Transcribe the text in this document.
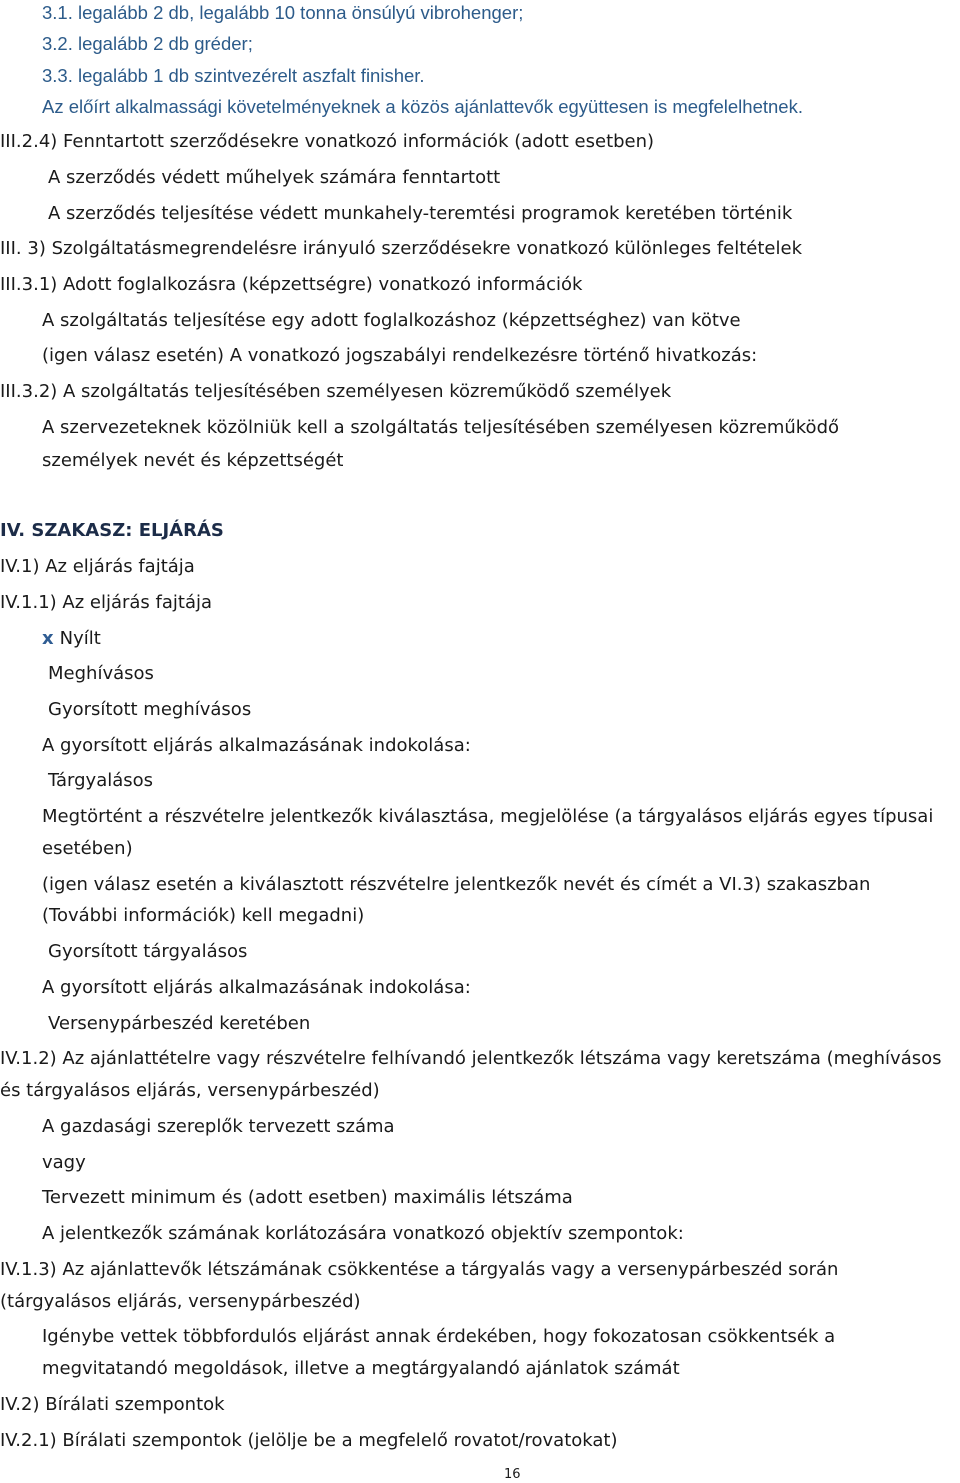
3.1. legalább 2 db, legalább 10 tonna önsúlyú vibrohenger;
3.2. legalább 2 db gréder;
3.3. legalább 1 db szintvezérelt aszfalt finisher.
Az előírt alkalmassági követelményeknek a közös ajánlattevők együttesen is megfelelhetnek.
III.2.4) Fenntartott szerződésekre vonatkozó információk (adott esetben)
A szerződés védett műhelyek számára fenntartott
A szerződés teljesítése védett munkahely-teremtési programok keretében történik
III. 3) Szolgáltatásmegrendelésre irányuló szerződésekre vonatkozó különleges feltételek
III.3.1) Adott foglalkozásra (képzettségre) vonatkozó információk
A szolgáltatás teljesítése egy adott foglalkozáshoz (képzettséghez) van kötve
(igen válasz esetén) A vonatkozó jogszabályi rendelkezésre történő hivatkozás:
III.3.2) A szolgáltatás teljesítésében személyesen közreműködő személyek
A szervezeteknek közölniük kell a szolgáltatás teljesítésében személyesen közreműködő
személyek nevét és képzettségét
IV. SZAKASZ: ELJÁRÁS
IV.1) Az eljárás fajtája
IV.1.1) Az eljárás fajtája
x Nyílt
Meghívásos
Gyorsított meghívásos
A gyorsított eljárás alkalmazásának indokolása:
Tárgyalásos
Megtörtént a részvételre jelentkezők kiválasztása, megjelölése (a tárgyalásos eljárás egyes típusai
esetében)
(igen válasz esetén a kiválasztott részvételre jelentkezők nevét és címét a VI.3) szakaszban
(További információk) kell megadni)
Gyorsított tárgyalásos
A gyorsított eljárás alkalmazásának indokolása:
Versenypárbeszéd keretében
IV.1.2) Az ajánlattételre vagy részvételre felhívandó jelentkezők létszáma vagy keretszáma (meghívásos
és tárgyalásos eljárás, versenypárbeszéd)
A gazdasági szereplők tervezett száma
vagy
Tervezett minimum és (adott esetben) maximális létszáma
A jelentkezők számának korlátozására vonatkozó objektív szempontok:
IV.1.3) Az ajánlattevők létszámának csökkentése a tárgyalás vagy a versenypárbeszéd során
(tárgyalásos eljárás, versenypárbeszéd)
Igénybe vettek többfordulós eljárást annak érdekében, hogy fokozatosan csökkentsék a
megvitatandó megoldások, illetve a megtárgyalandó ajánlatok számát
IV.2) Bírálati szempontok
IV.2.1) Bírálati szempontok (jelölje be a megfelelő rovatot/rovatokat)
16
